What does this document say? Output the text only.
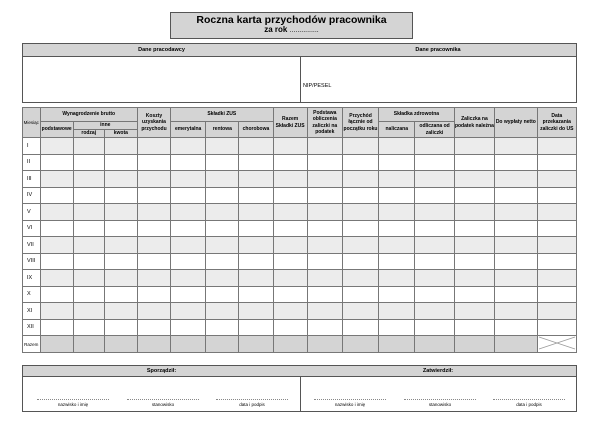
Roczna karta przychodów pracownika
za rok ...............
Dane pracodawcy	Dane pracownika
NIP/PESEL
Miesiąc	Wynagrodzenie brutto			Koszty uzyskania przychodu	Składki ZUS			Razem Składki ZUS	Podstawa obliczenia zaliczki na podatek	Przychód łącznie od początku roku	Składka zdrowotna		Zaliczka na podatek należna	Do wypłaty netto	Data przekazania zaliczki do US
	podstawowe	inne			emerytalna	rentowa	chorobowa				naliczana	odliczana od zaliczki			
		rodzaj	kwota												
I															
II															
III															
IV															
V															
VI															
VII															
VIII															
IX															
X															
XI															
XII															
Razem															
Sporządził:
nazwisko i imię	stanowisko	data i podpis
Zatwierdził:
nazwisko i imię	stanowisko	data i podpis
